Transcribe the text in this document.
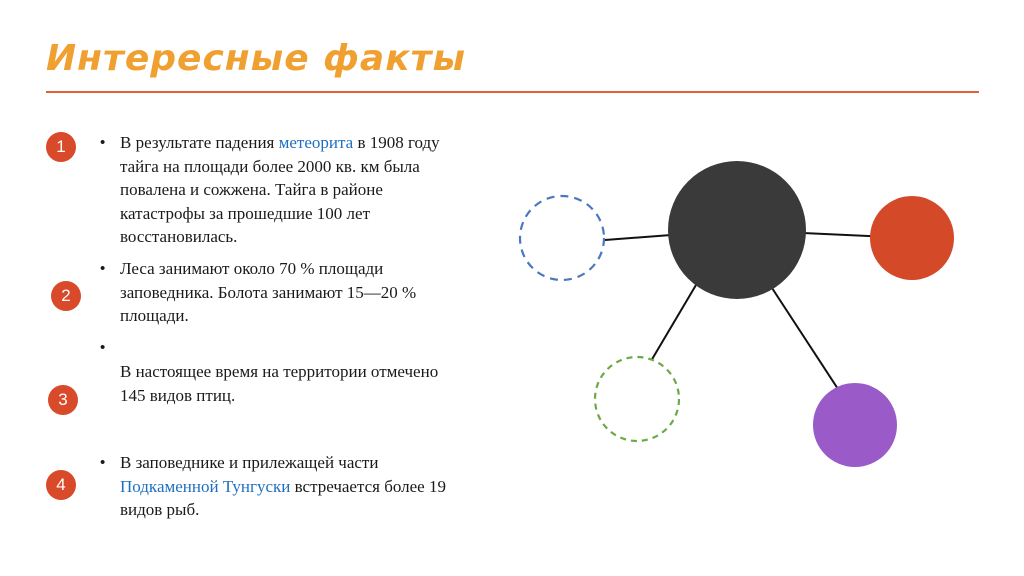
Интересные факты
1
2
3
4
• В результате падения метеорита в 1908 году тайга на площади более 2000 кв. км была повалена и сожжена. Тайга в районе катастрофы за прошедшие 100 лет восстановилась.
• Леса занимают около 70 % площади заповедника. Болота занимают 15—20 % площади.
•
В настоящее время на территории отмечено 145 видов птиц.
• В заповеднике и прилежащей части Подкаменной Тунгуски встречается более 19 видов рыб.
